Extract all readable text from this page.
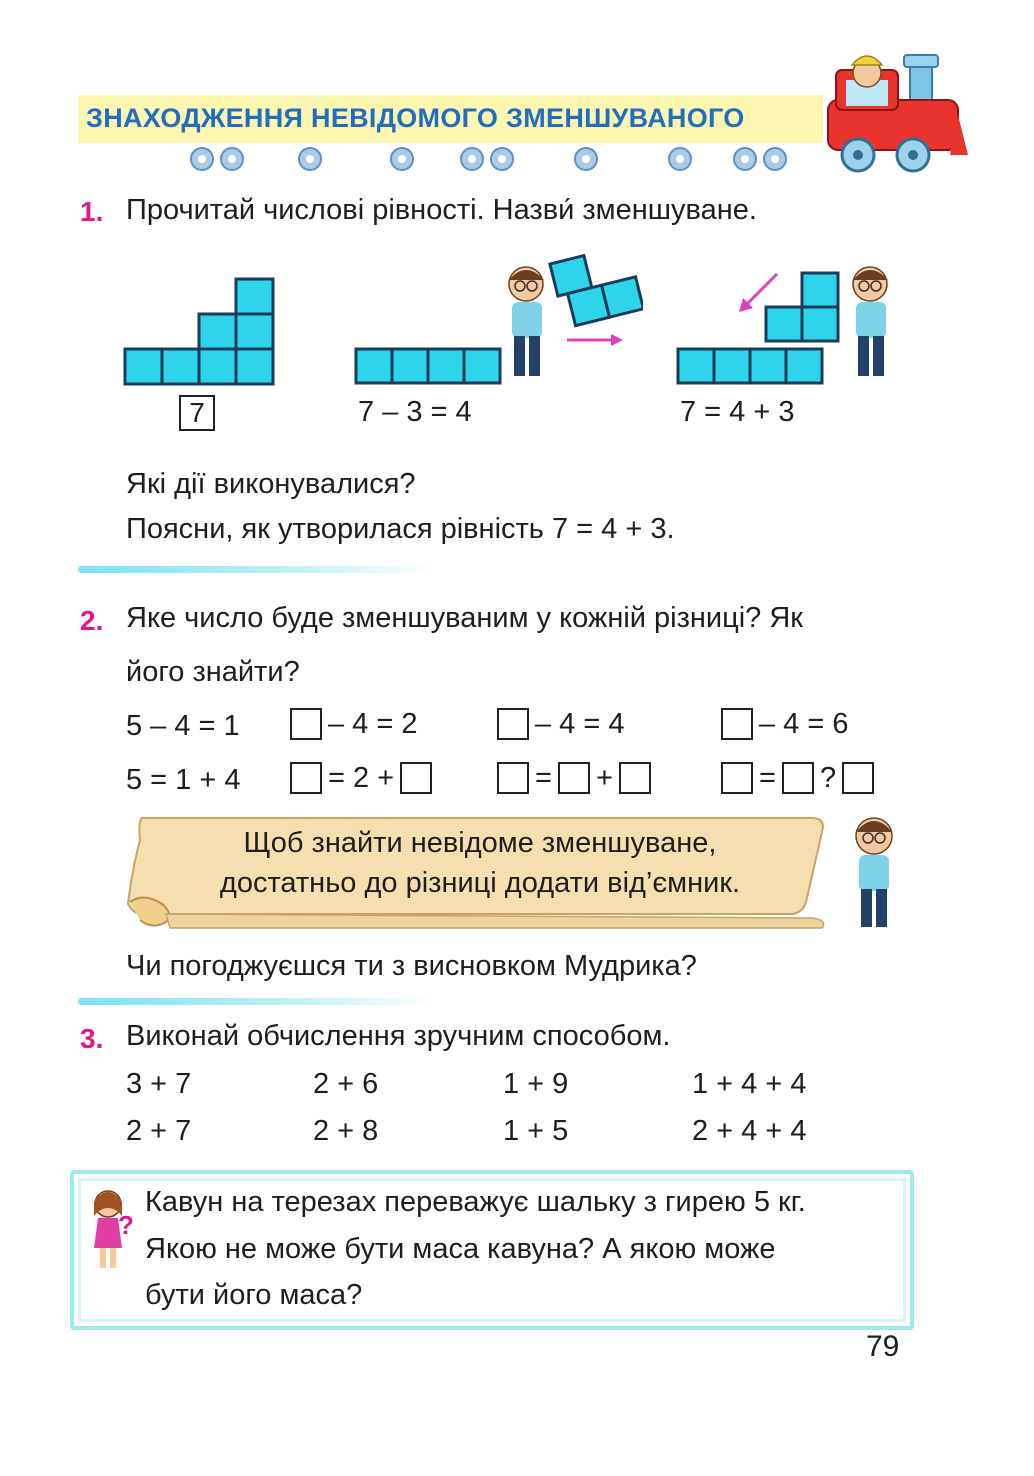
ЗНАХОДЖЕННЯ НЕВІДОМОГО ЗМЕНШУВАНОГО
1. Прочитай числові рівності. Назви́ зменшуване.
7	7 – 3 = 4	7 = 4 + 3
Які дії виконувалися?
Поясни, як утворилася рівність 7 = 4 + 3.
2. Яке число буде зменшуваним у кожній різниці? Як
його знайти?
5 – 4 = 1	– 4 = 2	– 4 = 4	– 4 = 6
5 = 1 + 4	= 2 +	= +	= ?
Щоб знайти невідоме зменшуване,
достатньо до різниці додати від’ємник.
Чи погоджуєшся ти з висновком Мудрика?
3. Виконай обчислення зручним способом.
3 + 7	2 + 6	1 + 9	1 + 4 + 4
2 + 7	2 + 8	1 + 5	2 + 4 + 4
?
Кавун на терезах переважує шальку з гирею 5 кг.
Якою не може бути маса кавуна? А якою може
бути його маса?
79
